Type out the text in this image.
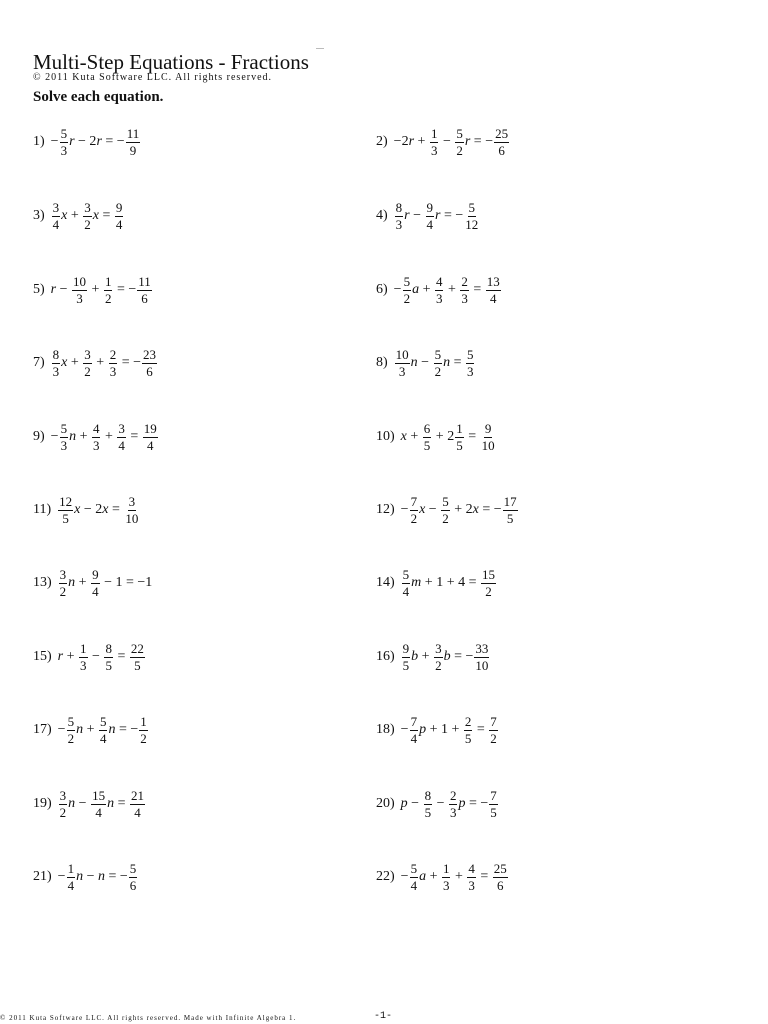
Multi-Step Equations - Fractions
© 2011 Kuta Software LLC. All rights reserved.
Solve each equation.
$1) - \frac{5}{3}$ r − 2 r = − $\frac{11}{9}$	2) −2 $r + \frac{1}{3} - \frac{5}{2}$ r = − $\frac{25}{6}$
$3) \frac{3}{4}$ $x + \frac{3}{2}$ $x = \frac{9}{4}$	$4) \frac{8}{3}$ $r - \frac{9}{4}$ r = − $\frac{5}{12}$
5) $r - \frac{10}{3} + \frac{1}{2}$ = − $\frac{11}{6}$	$6) - \frac{5}{2}$ $a + \frac{4}{3} + \frac{2}{3} = \frac{13}{4}$
$7) \frac{8}{3}$ $x + \frac{3}{2} + \frac{2}{3}$ = − $\frac{23}{6}$	$8) \frac{10}{3}$ $n - \frac{5}{2}$ $n = \frac{5}{3}$
$9) - \frac{5}{3}$ $n + \frac{4}{3} + \frac{3}{4} = \frac{19}{4}$	10) $x + \frac{6}{5} + 2 \frac{1}{5} = \frac{9}{10}$
$11) \frac{12}{5}$ x − 2 $x = \frac{3}{10}$	$12) - \frac{7}{2}$ $x - \frac{5}{2} + 2$ x = − $\frac{17}{5}$
$13) \frac{3}{2}$ $n + \frac{9}{4} - 1 = -1$	$14) \frac{5}{4}$ $m + 1 + 4 = \frac{15}{2}$
15) $r + \frac{1}{3} - \frac{8}{5} = \frac{22}{5}$	$16) \frac{9}{5}$ $b + \frac{3}{2}$ b = − $\frac{33}{10}$
$17) - \frac{5}{2}$ $n + \frac{5}{4}$ n = − $\frac{1}{2}$	$18) - \frac{7}{4}$ $p + 1 + \frac{2}{5} = \frac{7}{2}$
$19) \frac{3}{2}$ $n - \frac{15}{4}$ $n = \frac{21}{4}$	20) $p - \frac{8}{5} - \frac{2}{3}$ p = − $\frac{7}{5}$
$21) - \frac{1}{4}$ n − n = − $\frac{5}{6}$	$22) - \frac{5}{4}$ $a + \frac{1}{3} + \frac{4}{3} = \frac{25}{6}$
© 2011 Kuta Software LLC. All rights reserved. Made with Infinite Algebra 1.	-1-
